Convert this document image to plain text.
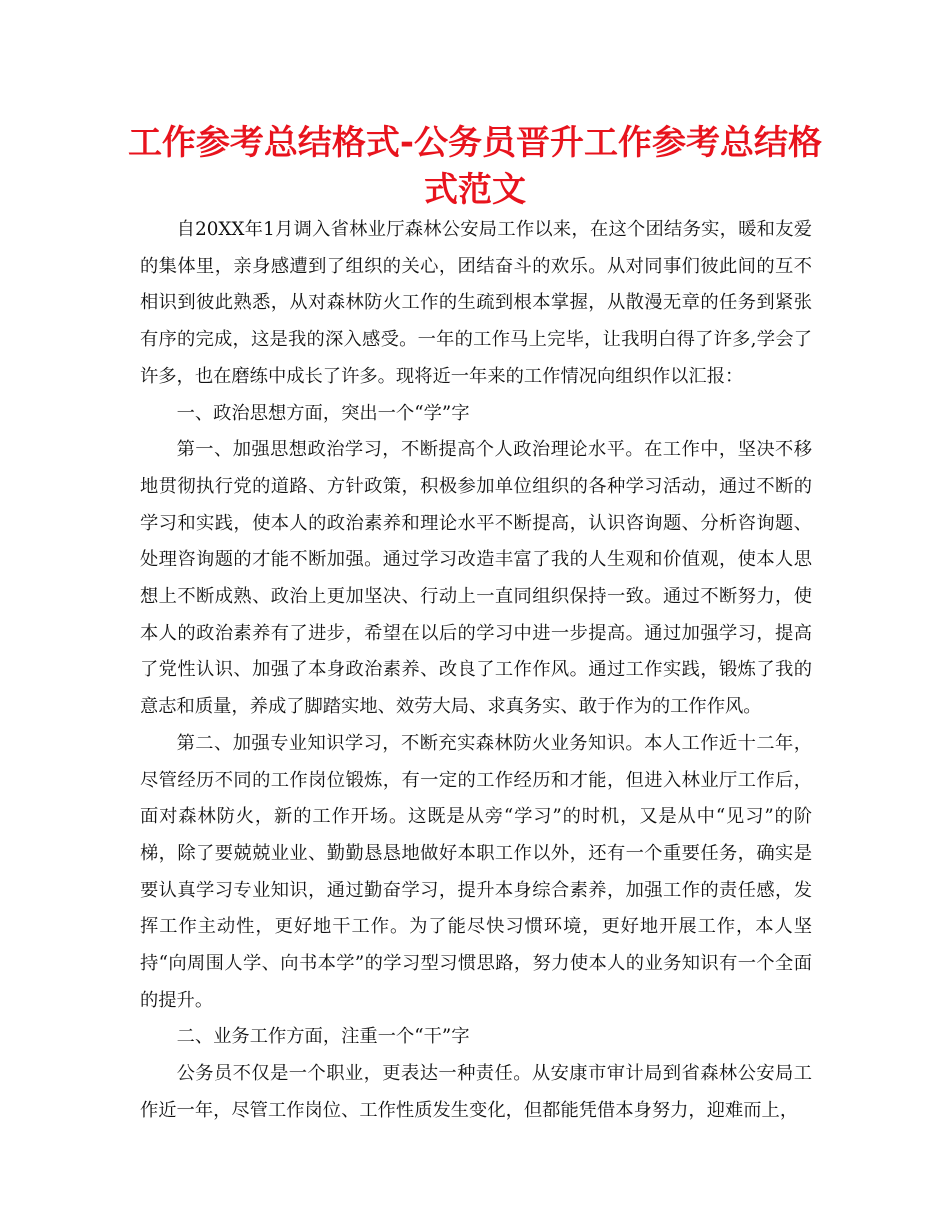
工作参考总结格式-公务员晋升工作参考总结格式范文

自20XX年1月调入省林业厅森林公安局工作以来，在这个团结务实，暖和友爱的集体里，亲身感遭到了组织的关心，团结奋斗的欢乐。从对同事们彼此间的互不相识到彼此熟悉，从对森林防火工作的生疏到根本掌握，从散漫无章的任务到紧张有序的完成，这是我的深入感受。一年的工作马上完毕，让我明白得了许多,学会了许多，也在磨练中成长了许多。现将近一年来的工作情况向组织作以汇报：

一、政治思想方面，突出一个“学”字

第一、加强思想政治学习，不断提高个人政治理论水平。在工作中，坚决不移地贯彻执行党的道路、方针政策，积极参加单位组织的各种学习活动，通过不断的学习和实践，使本人的政治素养和理论水平不断提高，认识咨询题、分析咨询题、处理咨询题的才能不断加强。通过学习改造丰富了我的人生观和价值观，使本人思想上不断成熟、政治上更加坚决、行动上一直同组织保持一致。通过不断努力，使本人的政治素养有了进步，希望在以后的学习中进一步提高。通过加强学习，提高了党性认识、加强了本身政治素养、改良了工作作风。通过工作实践，锻炼了我的意志和质量，养成了脚踏实地、效劳大局、求真务实、敢于作为的工作作风。

第二、加强专业知识学习，不断充实森林防火业务知识。本人工作近十二年，尽管经历不同的工作岗位锻炼，有一定的工作经历和才能，但进入林业厅工作后，面对森林防火，新的工作开场。这既是从旁“学习”的时机，又是从中“见习”的阶梯，除了要兢兢业业、勤勤恳恳地做好本职工作以外，还有一个重要任务，确实是要认真学习专业知识，通过勤奋学习，提升本身综合素养，加强工作的责任感，发挥工作主动性，更好地干工作。为了能尽快习惯环境，更好地开展工作，本人坚持“向周围人学、向书本学”的学习型习惯思路，努力使本人的业务知识有一个全面的提升。

二、业务工作方面，注重一个“干”字

公务员不仅是一个职业，更表达一种责任。从安康市审计局到省森林公安局工作近一年，尽管工作岗位、工作性质发生变化，但都能凭借本身努力，迎难而上，
